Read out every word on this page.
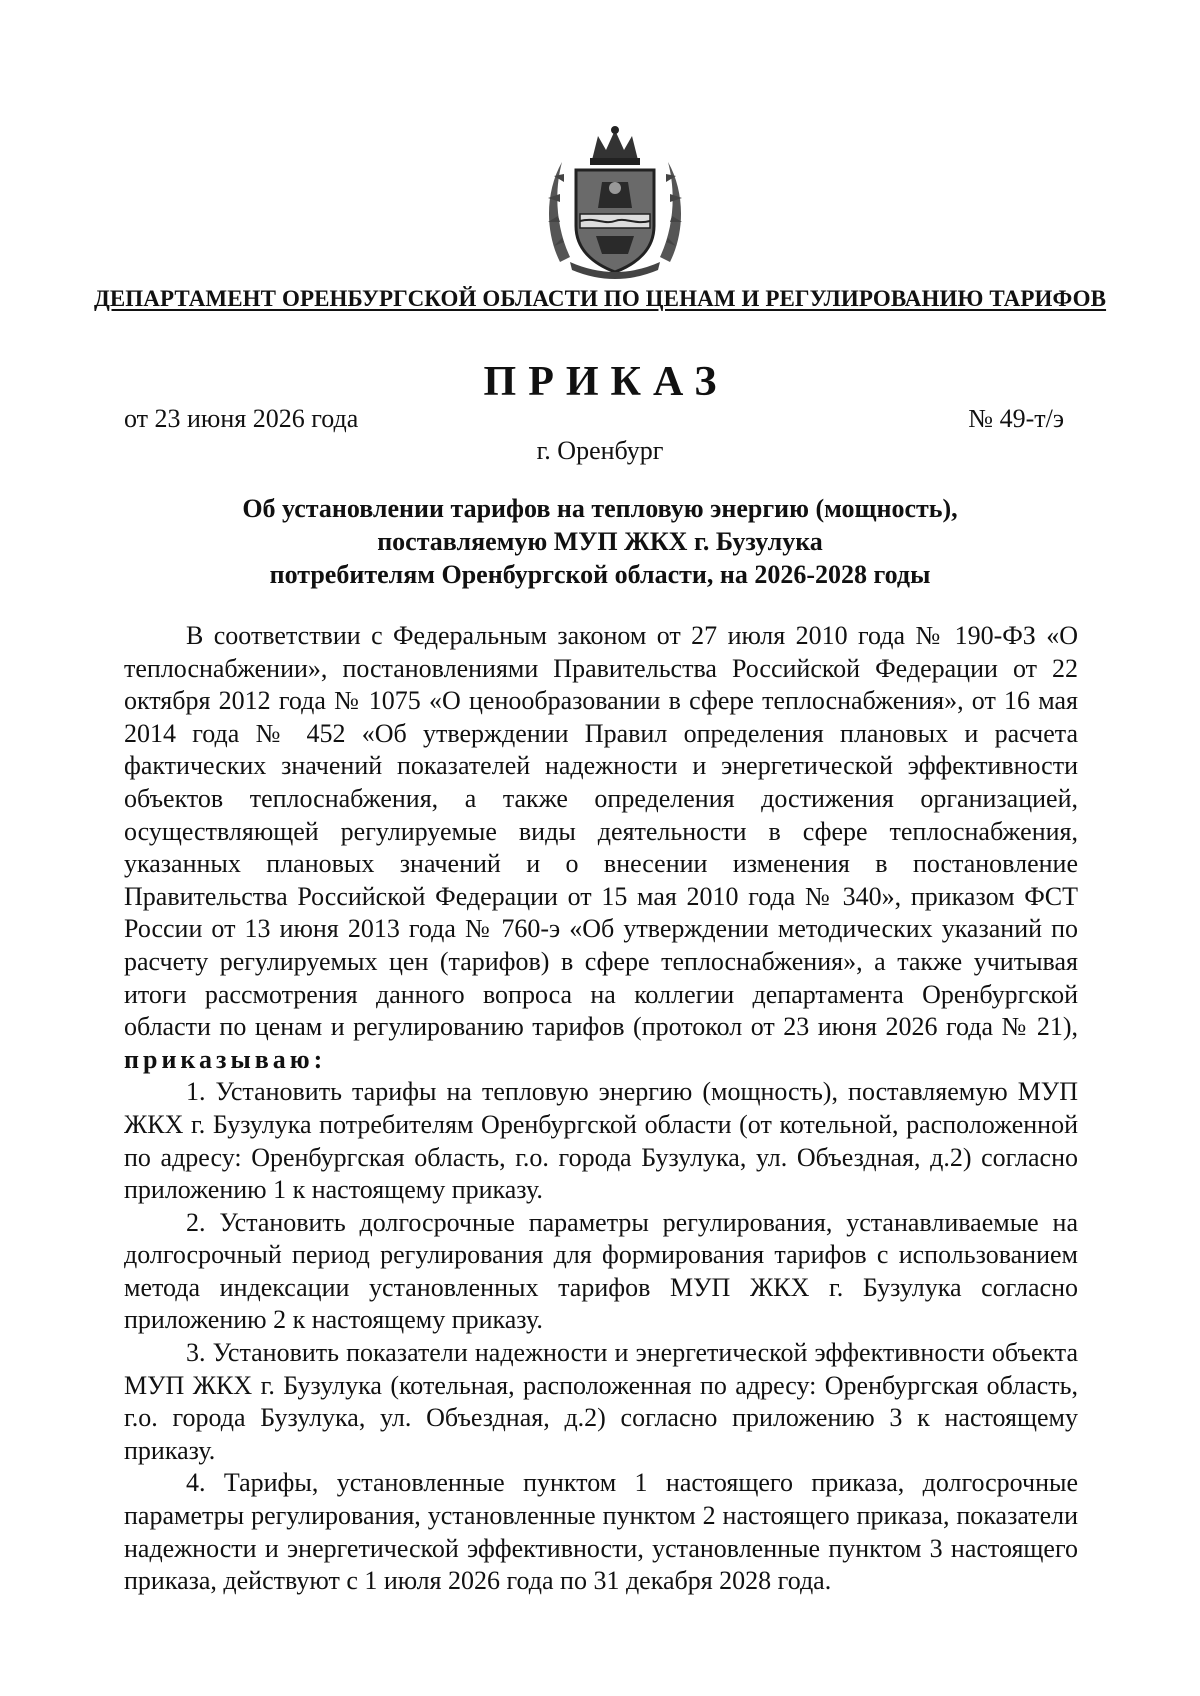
ДЕПАРТАМЕНТ ОРЕНБУРГСКОЙ ОБЛАСТИ ПО ЦЕНАМ И РЕГУЛИРОВАНИЮ ТАРИФОВ
ПРИКАЗ
от 23 июня 2026 года	№ 49-т/э
г. Оренбург
Об установлении тарифов на тепловую энергию (мощность),
поставляемую МУП ЖКХ г. Бузулука
потребителям Оренбургской области, на 2026-2028 годы

В соответствии с Федеральным законом от 27 июля 2010 года № 190-ФЗ «О теплоснабжении», постановлениями Правительства Российской Федерации от 22 октября 2012 года № 1075 «О ценообразовании в сфере теплоснабжения», от 16 мая 2014 года № 452 «Об утверждении Правил определения плановых и расчета фактических значений показателей надежности и энергетической эффективности объектов теплоснабжения, а также определения достижения организацией, осуществляющей регулируемые виды деятельности в сфере теплоснабжения, указанных плановых значений и о внесении изменения в постановление Правительства Российской Федерации от 15 мая 2010 года № 340», приказом ФСТ России от 13 июня 2013 года № 760-э «Об утверждении методических указаний по расчету регулируемых цен (тарифов) в сфере теплоснабжения», а также учитывая итоги рассмотрения данного вопроса на коллегии департамента Оренбургской области по ценам и регулированию тарифов (протокол от 23 июня 2026 года № 21), приказываю:

1. Установить тарифы на тепловую энергию (мощность), поставляемую МУП ЖКХ г. Бузулука потребителям Оренбургской области (от котельной, расположенной по адресу: Оренбургская область, г.о. города Бузулука, ул. Объездная, д.2) согласно приложению 1 к настоящему приказу.

2. Установить долгосрочные параметры регулирования, устанавливаемые на долгосрочный период регулирования для формирования тарифов с использованием метода индексации установленных тарифов МУП ЖКХ г. Бузулука согласно приложению 2 к настоящему приказу.

3. Установить показатели надежности и энергетической эффективности объекта МУП ЖКХ г. Бузулука (котельная, расположенная по адресу: Оренбургская область, г.о. города Бузулука, ул. Объездная, д.2) согласно приложению 3 к настоящему приказу.

4. Тарифы, установленные пунктом 1 настоящего приказа, долгосрочные параметры регулирования, установленные пунктом 2 настоящего приказа, показатели надежности и энергетической эффективности, установленные пунктом 3 настоящего приказа, действуют с 1 июля 2026 года по 31 декабря 2028 года.
